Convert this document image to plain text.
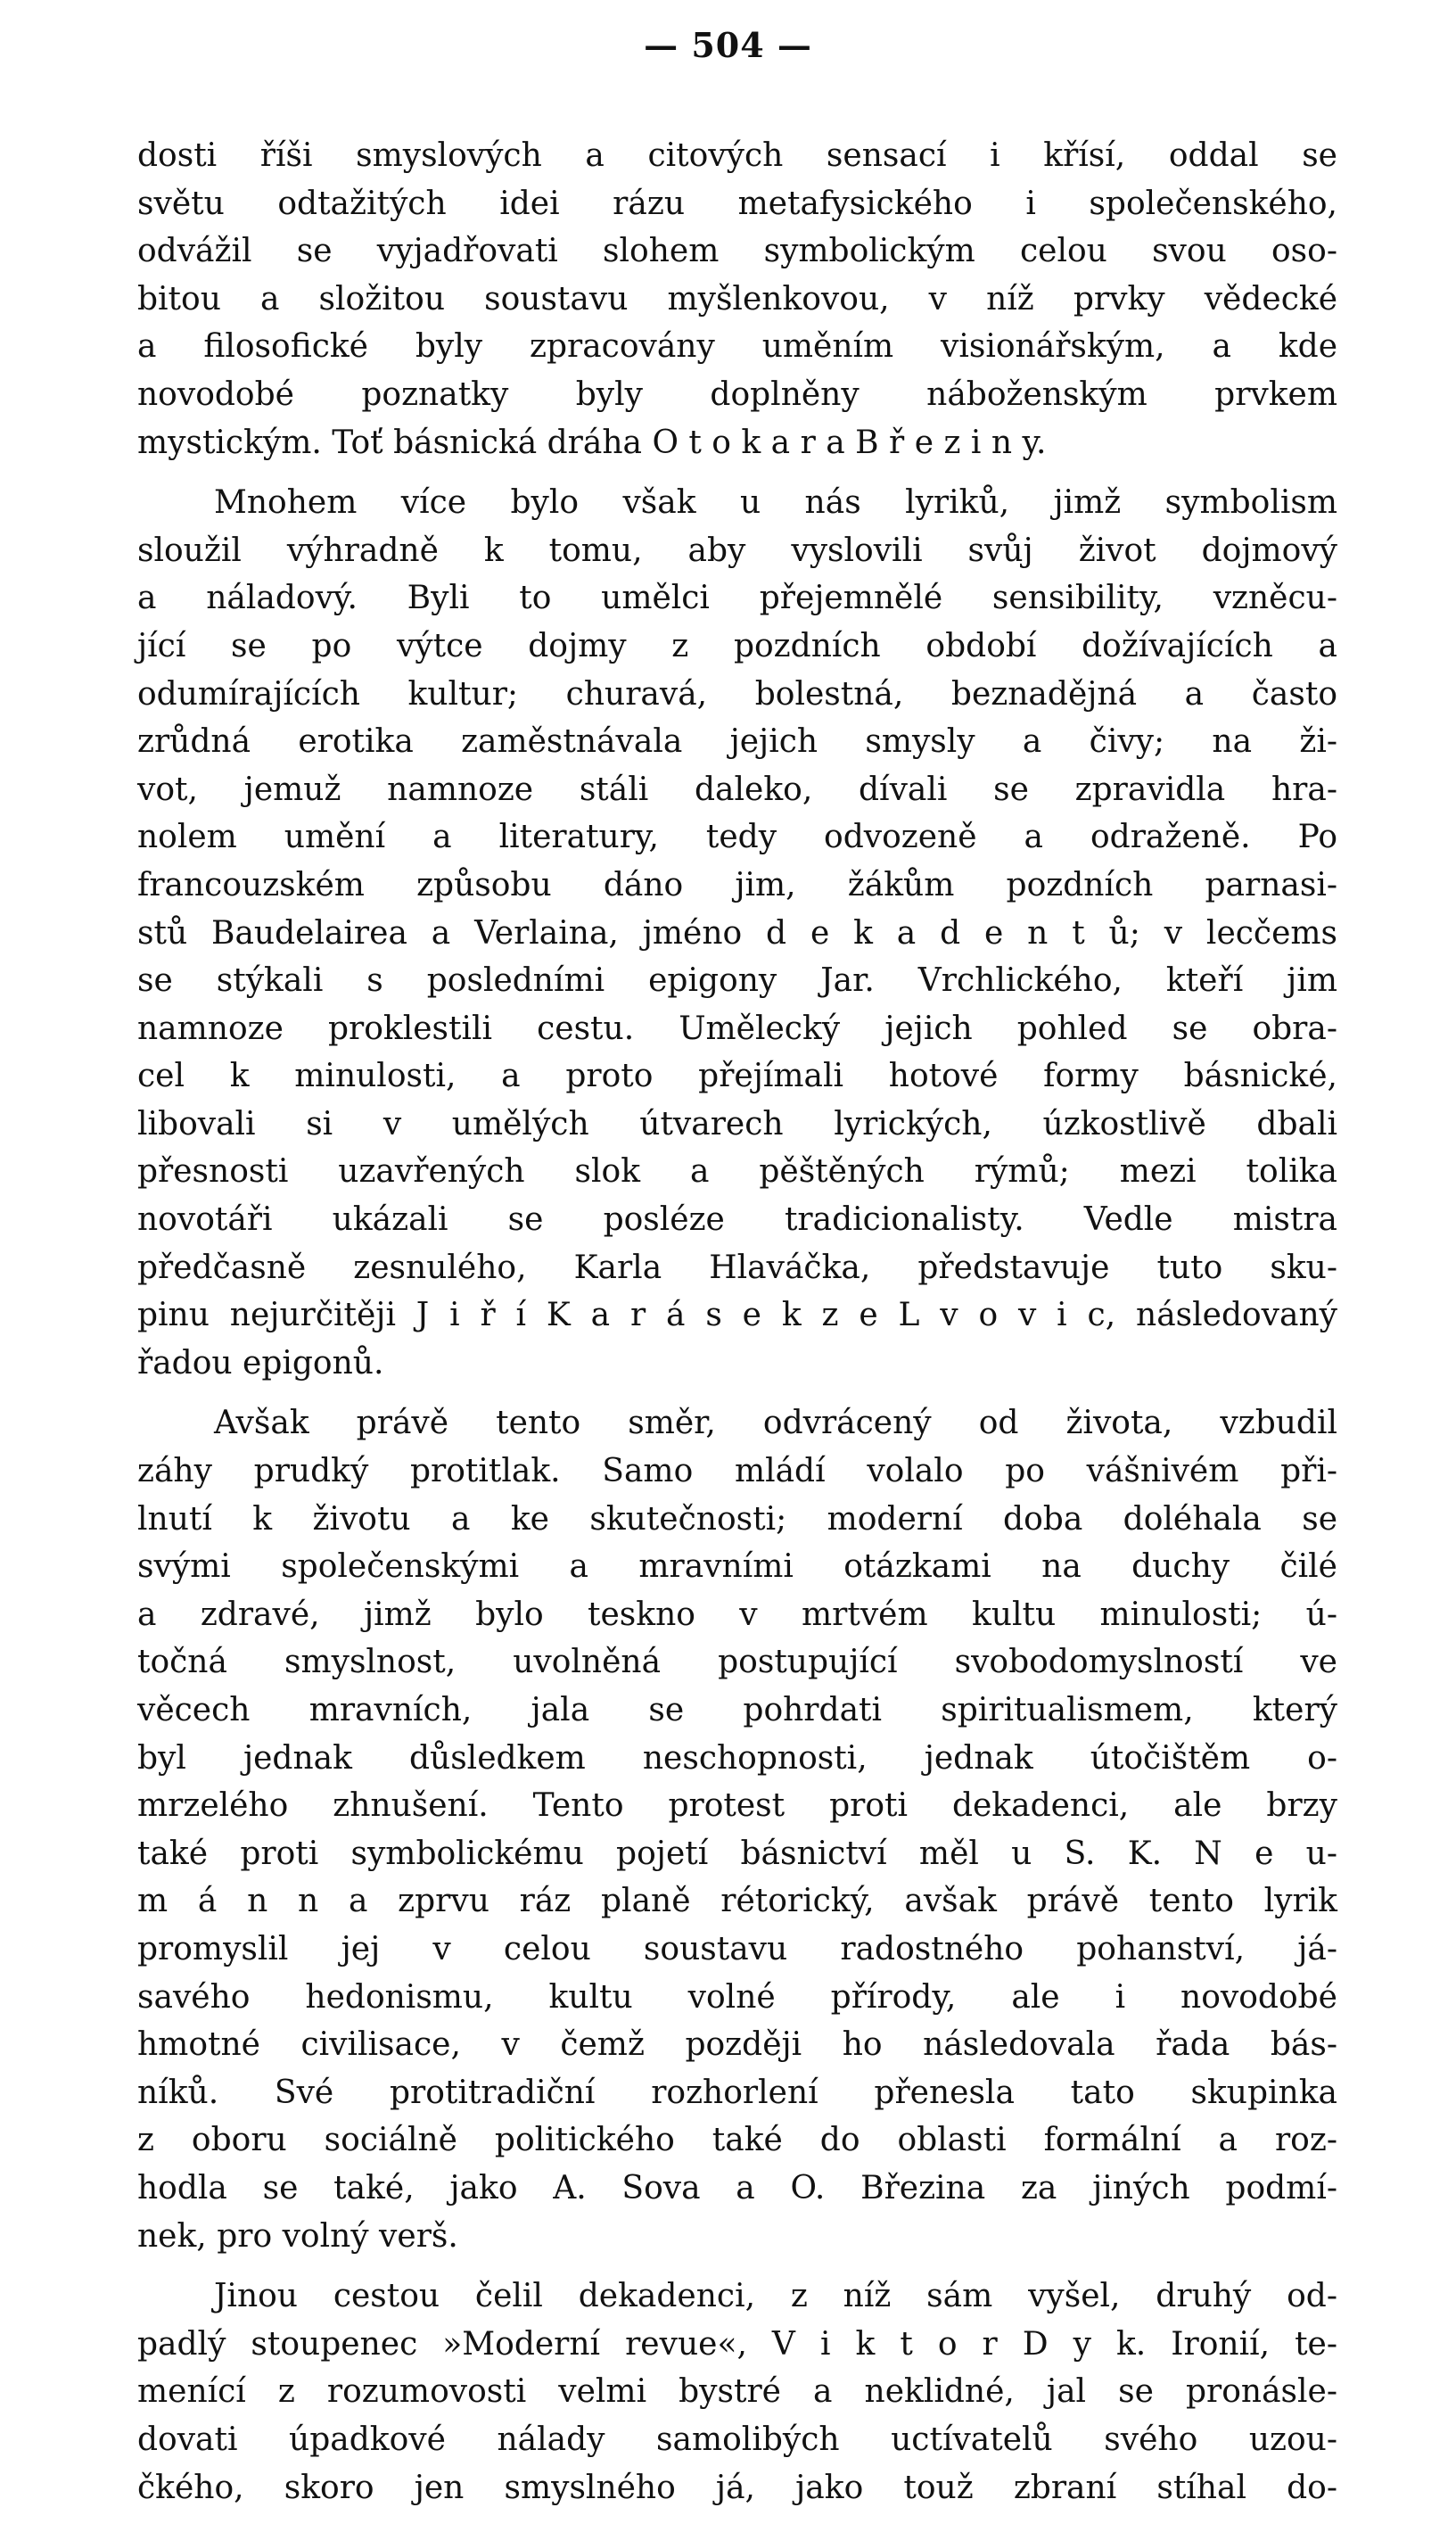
— 504 —
dosti říši smyslových a citových sensací i křísí, oddal se
světu odtažitých idei rázu metafysického i společenského,
odvážil se vyjadřovati slohem symbolickým celou svou oso-
bitou a složitou soustavu myšlenkovou, v níž prvky vědecké
a filosofické byly zpracovány uměním visionářským, a kde
novodobé poznatky byly doplněny náboženským prvkem
mystickým. Toť básnická dráha O t o k a r a B ř e z i n y.
Mnohem více bylo však u nás lyriků, jimž symbolism
sloužil výhradně k tomu, aby vyslovili svůj život dojmový
a náladový. Byli to umělci přejemnělé sensibility, vzněcu-
jící se po výtce dojmy z pozdních období dožívajících a
odumírajících kultur; churavá, bolestná, beznadějná a často
zrůdná erotika zaměstnávala jejich smysly a čivy; na ži-
vot, jemuž namnoze stáli daleko, dívali se zpravidla hra-
nolem umění a literatury, tedy odvozeně a odraženě. Po
francouzském způsobu dáno jim, žákům pozdních parnasi-
stů Baudelairea a Verlaina, jméno d e k a d e n t ů; v lecčems
se stýkali s posledními epigony Jar. Vrchlického, kteří jim
namnoze proklestili cestu. Umělecký jejich pohled se obra-
cel k minulosti, a proto přejímali hotové formy básnické,
libovali si v umělých útvarech lyrických, úzkostlivě dbali
přesnosti uzavřených slok a pěštěných rýmů; mezi tolika
novotáři ukázali se posléze tradicionalisty. Vedle mistra
předčasně zesnulého, Karla Hlaváčka, představuje tuto sku-
pinu nejurčitěji J i ř í K a r á s e k z e L v o v i c, následovaný
řadou epigonů.
Avšak právě tento směr, odvrácený od života, vzbudil
záhy prudký protitlak. Samo mládí volalo po vášnivém při-
lnutí k životu a ke skutečnosti; moderní doba doléhala se
svými společenskými a mravními otázkami na duchy čilé
a zdravé, jimž bylo teskno v mrtvém kultu minulosti; ú-
točná smyslnost, uvolněná postupující svobodomyslností ve
věcech mravních, jala se pohrdati spiritualismem, který
byl jednak důsledkem neschopnosti, jednak útočištěm o-
mrzelého zhnušení. Tento protest proti dekadenci, ale brzy
také proti symbolickému pojetí básnictví měl u S. K. N e u-
m á n n a zprvu ráz planě rétorický, avšak právě tento lyrik
promyslil jej v celou soustavu radostného pohanství, já-
savého hedonismu, kultu volné přírody, ale i novodobé
hmotné civilisace, v čemž později ho následovala řada bás-
níků. Své protitradiční rozhorlení přenesla tato skupinka
z oboru sociálně politického také do oblasti formální a roz-
hodla se také, jako A. Sova a O. Březina za jiných podmí-
nek, pro volný verš.
Jinou cestou čelil dekadenci, z níž sám vyšel, druhý od-
padlý stoupenec »Moderní revue«, V i k t o r D y k. Ironií, te-
menící z rozumovosti velmi bystré a neklidné, jal se pronásle-
dovati úpadkové nálady samolibých uctívatelů svého uzou-
čkého, skoro jen smyslného já, jako touž zbraní stíhal do-
